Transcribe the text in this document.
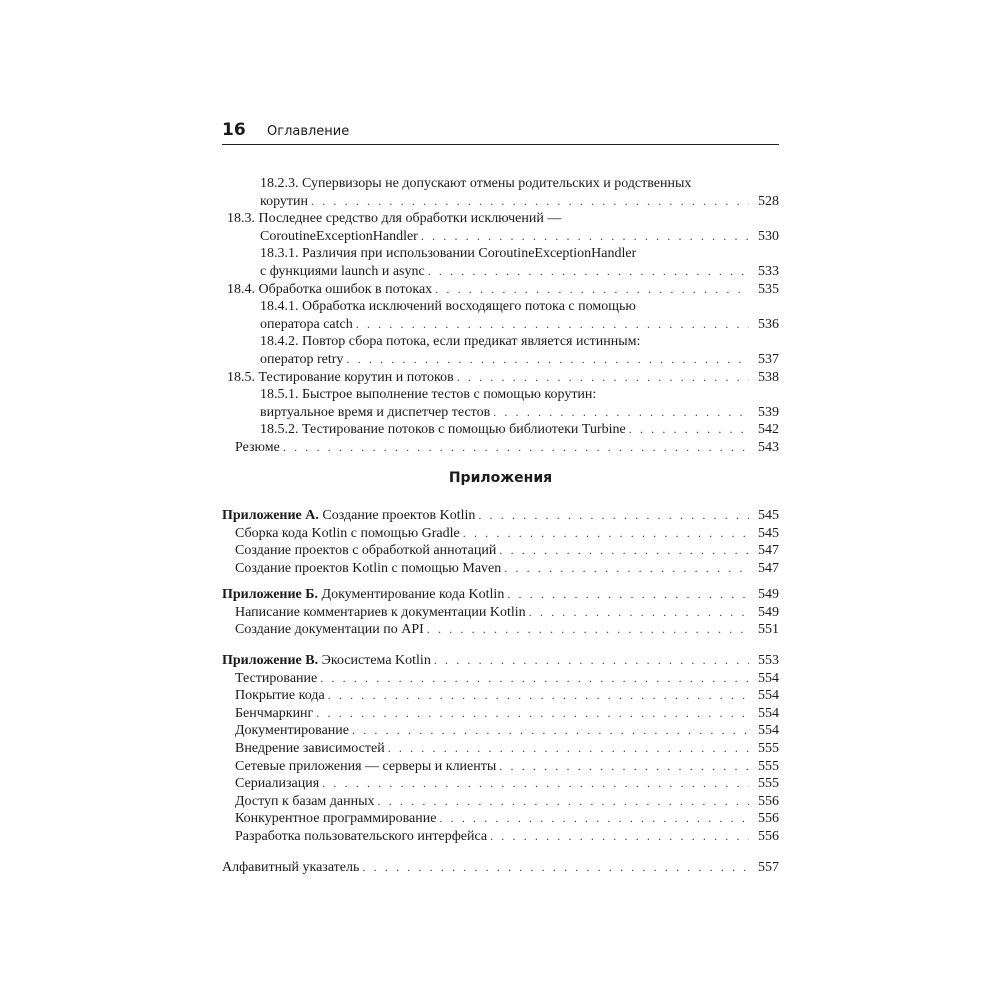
16 Оглавление
18.2.3. Супервизоры не допускают отмены родительских и родственных
корутин . . .	528
18.3. Последнее средство для обработки исключений —
CoroutineExceptionHandler . . .	530
18.3.1. Различия при использовании CoroutineExceptionHandler
с функциями launch и async . . .	533
18.4. Обработка ошибок в потоках . . .	535
18.4.1. Обработка исключений восходящего потока с помощью
оператора catch . . .	536
18.4.2. Повтор сбора потока, если предикат является истинным:
оператор retry . . .	537
18.5. Тестирование корутин и потоков . . .	538
18.5.1. Быстрое выполнение тестов с помощью корутин:
виртуальное время и диспетчер тестов . . .	539
18.5.2. Тестирование потоков с помощью библиотеки Turbine . . .	542
Резюме . . .	543
Приложения
Приложение А. Создание проектов Kotlin . . .	545
Сборка кода Kotlin с помощью Gradle . . .	545
Создание проектов с обработкой аннотаций . . .	547
Создание проектов Kotlin с помощью Maven . . .	547
Приложение Б. Документирование кода Kotlin . . .	549
Написание комментариев к документации Kotlin . . .	549
Создание документации по API . . .	551
Приложение В. Экосистема Kotlin . . .	553
Тестирование . . .	554
Покрытие кода . . .	554
Бенчмаркинг . . .	554
Документирование . . .	554
Внедрение зависимостей . . .	555
Сетевые приложения — серверы и клиенты . . .	555
Сериализация . . .	555
Доступ к базам данных . . .	556
Конкурентное программирование . . .	556
Разработка пользовательского интерфейса . . .	556
Алфавитный указатель . . .	557
